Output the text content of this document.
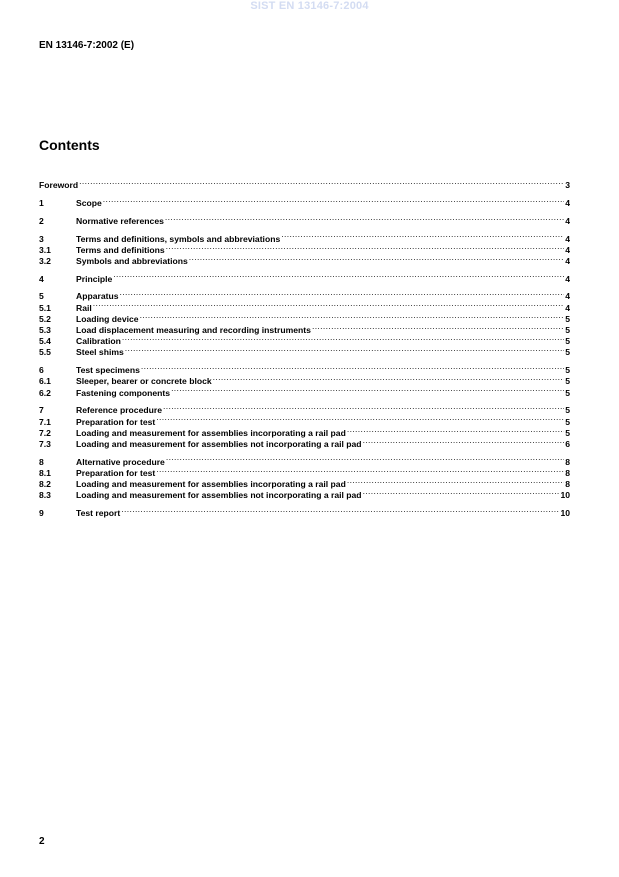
SIST EN 13146-7:2004
EN 13146-7:2002 (E)
Contents
Foreword .....	3
1	Scope .....	4
2	Normative references .....	4
3	Terms and definitions, symbols and abbreviations .....	4
3.1	Terms and definitions .....	4
3.2	Symbols and abbreviations .....	4
4	Principle .....	4
5	Apparatus .....	4
5.1	Rail .....	4
5.2	Loading device .....	5
5.3	Load displacement measuring and recording instruments .....	5
5.4	Calibration .....	5
5.5	Steel shims .....	5
6	Test specimens .....	5
6.1	Sleeper, bearer or concrete block .....	5
6.2	Fastening components .....	5
7	Reference procedure .....	5
7.1	Preparation for test .....	5
7.2	Loading and measurement for assemblies incorporating a rail pad .....	5
7.3	Loading and measurement for assemblies not incorporating a rail pad .....	6
8	Alternative procedure .....	8
8.1	Preparation for test .....	8
8.2	Loading and measurement for assemblies incorporating a rail pad .....	8
8.3	Loading and measurement for assemblies not incorporating a rail pad .....	10
9	Test report .....	10
2
